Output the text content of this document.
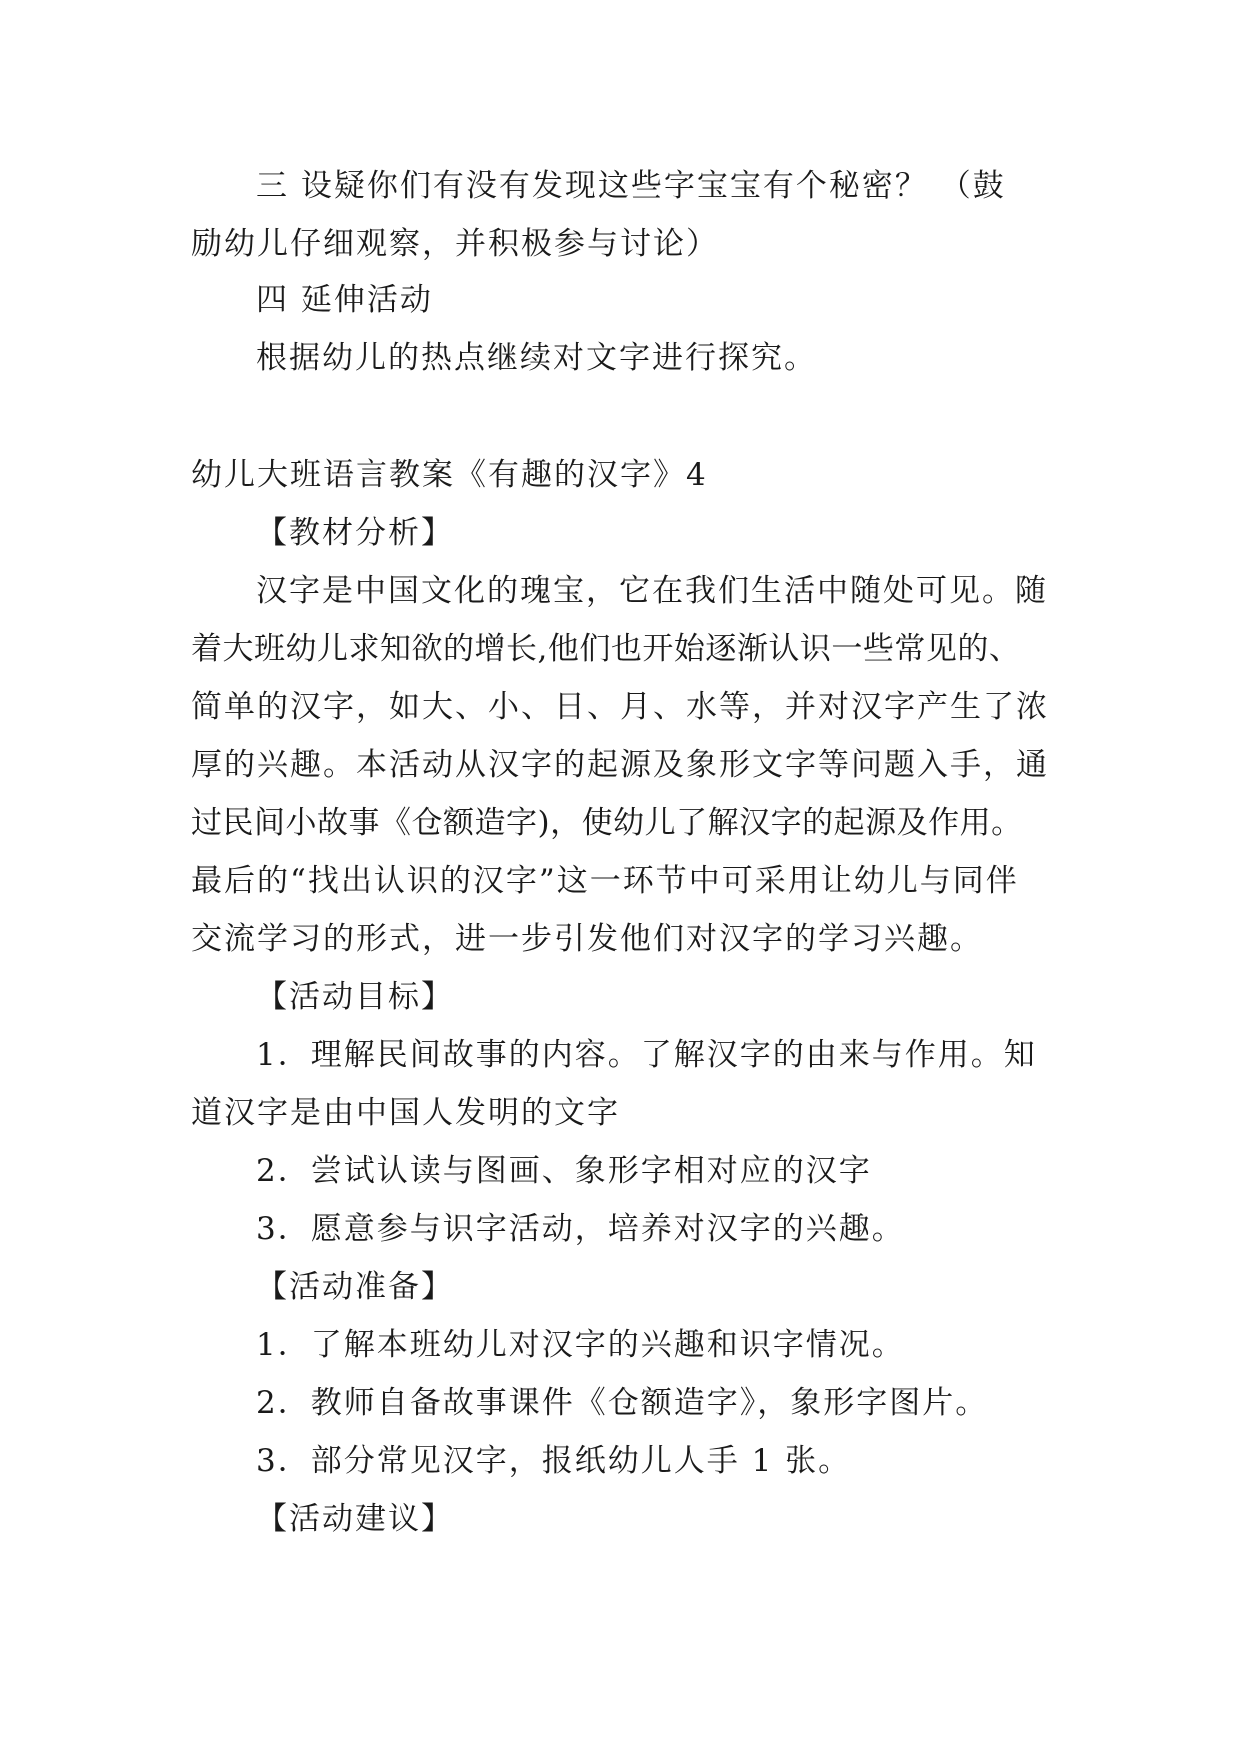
三 设疑你们有没有发现这些字宝宝有个秘密？ （鼓
励幼儿仔细观察，并积极参与讨论）
四 延伸活动
根据幼儿的热点继续对文字进行探究。
幼儿大班语言教案《有趣的汉字》4
【教材分析】
汉字是中国文化的瑰宝，它在我们生活中随处可见。随
着大班幼儿求知欲的增长,他们也开始逐渐认识一些常见的、
简单的汉字，如大、小、日、月、水等，并对汉字产生了浓
厚的兴趣。本活动从汉字的起源及象形文字等问题入手，通
过民间小故事《仓额造字)，使幼儿了解汉字的起源及作用。
最后的“找出认识的汉字”这一环节中可采用让幼儿与同伴
交流学习的形式，进一步引发他们对汉字的学习兴趣。
【活动目标】
1．理解民间故事的内容。了解汉字的由来与作用。知
道汉字是由中国人发明的文字
2．尝试认读与图画、象形字相对应的汉字
3．愿意参与识字活动，培养对汉字的兴趣。
【活动准备】
1．了解本班幼儿对汉字的兴趣和识字情况。
2．教师自备故事课件《仓额造字》，象形字图片。
3．部分常见汉字，报纸幼儿人手 1 张。
【活动建议】
